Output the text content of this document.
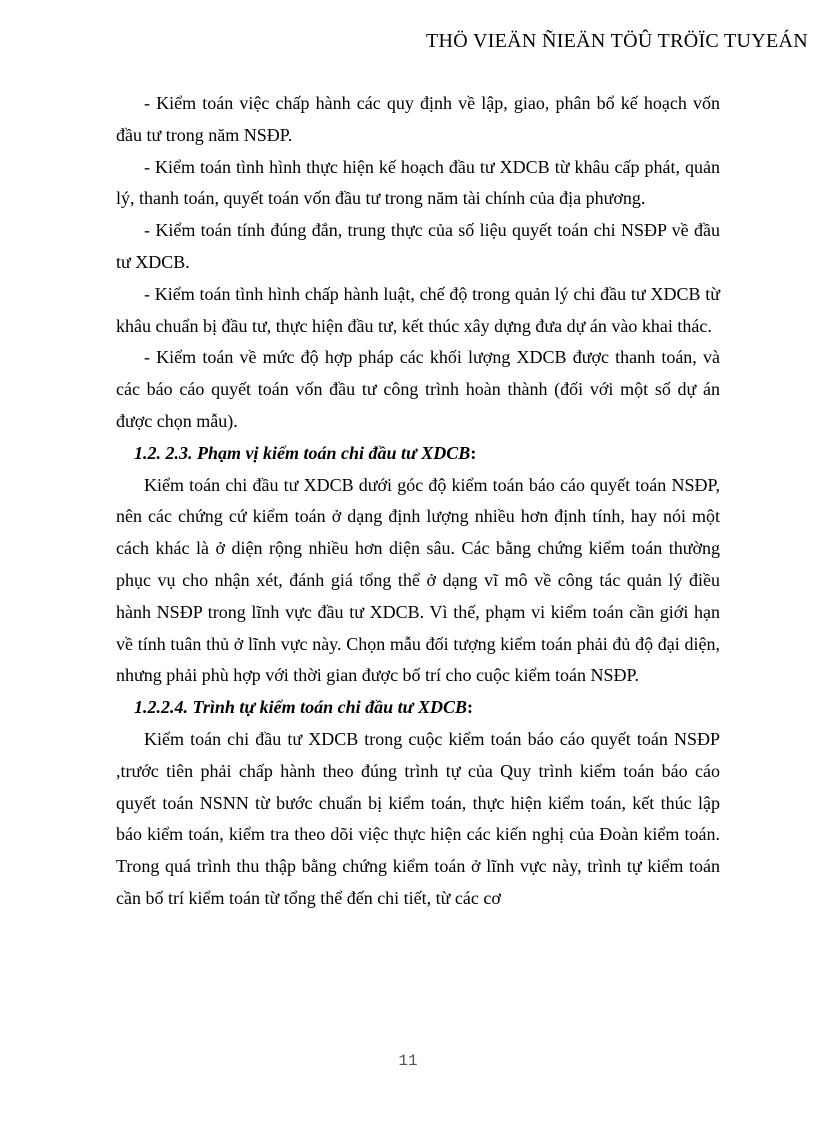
THÖ VIEÄN ÑIEÄN TÖÛ TRÖÏC TUYEÁN

- Kiểm toán việc chấp hành các quy định về lập, giao, phân bổ kế hoạch vốn đầu tư trong năm NSĐP.

- Kiểm toán tình hình thực hiện kế hoạch đầu tư XDCB từ khâu cấp phát, quản lý, thanh toán, quyết toán vốn đầu tư trong năm tài chính của địa phương.

- Kiểm toán tính đúng đắn, trung thực của số liệu quyết toán chi NSĐP về đầu tư XDCB.

- Kiểm toán tình hình chấp hành luật, chế độ trong quản lý chi đầu tư XDCB từ khâu chuẩn bị đầu tư, thực hiện đầu tư, kết thúc xây dựng đưa dự án vào khai thác.

- Kiểm toán về mức độ hợp pháp các khối lượng XDCB được thanh toán, và các báo cáo quyết toán vốn đầu tư công trình hoàn thành (đối với một số dự án được chọn mẫu).

1.2. 2.3. Phạm vị kiểm toán chi đầu tư XDCB:

Kiểm toán chi đầu tư XDCB dưới góc độ kiểm toán báo cáo quyết toán NSĐP, nên các chứng cứ kiểm toán ở dạng định lượng nhiều hơn định tính, hay nói một cách khác là ở diện rộng nhiều hơn diện sâu. Các bằng chứng kiểm toán thường phục vụ cho nhận xét, đánh giá tổng thể ở dạng vĩ mô về công tác quản lý điều hành NSĐP trong lĩnh vực đầu tư XDCB. Vì thế, phạm vi kiểm toán cần giới hạn về tính tuân thủ ở lĩnh vực này. Chọn mẫu đối tượng kiểm toán phải đủ độ đại diện, nhưng phải phù hợp với thời gian được bố trí cho cuộc kiểm toán NSĐP.

1.2.2.4. Trình tự kiểm toán chi đầu tư XDCB:

Kiểm toán chi đầu tư XDCB trong cuộc kiểm toán báo cáo quyết toán NSĐP ,trước tiên phải chấp hành theo đúng trình tự của Quy trình kiểm toán báo cáo quyết toán NSNN từ bước chuẩn bị kiểm toán, thực hiện kiểm toán, kết thúc lập báo kiểm toán, kiểm tra theo dõi việc thực hiện các kiến nghị của Đoàn kiểm toán. Trong quá trình thu thập bằng chứng kiểm toán ở lĩnh vực này, trình tự kiểm toán cần bố trí kiểm toán từ tổng thể đến chi tiết, từ các cơ

11
